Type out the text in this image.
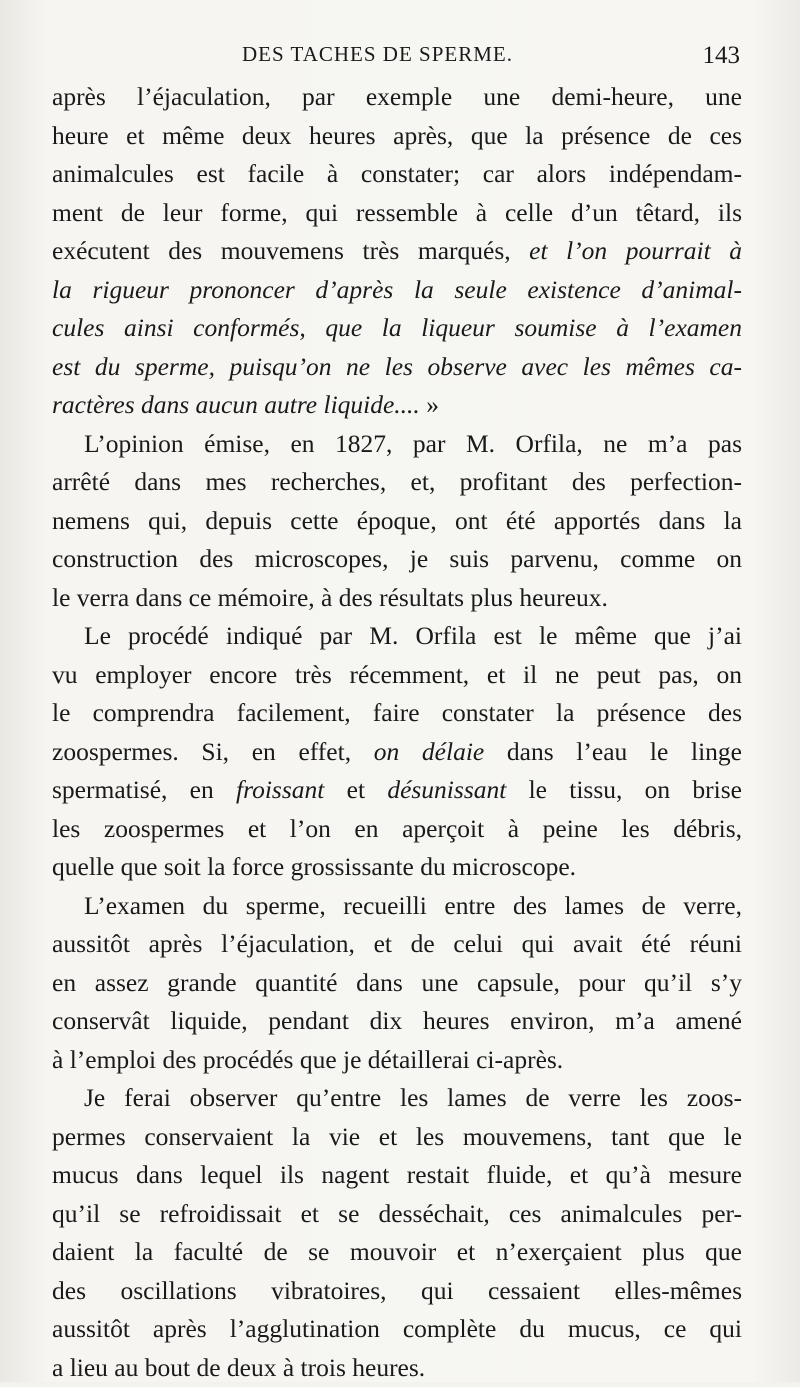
DES TACHES DE SPERME.	143
après l’éjaculation, par exemple une demi-heure, une
heure et même deux heures après, que la présence de ces
animalcules est facile à constater; car alors indépendam-
ment de leur forme, qui ressemble à celle d’un têtard, ils
exécutent des mouvemens très marqués, et l’on pourrait à
la rigueur prononcer d’après la seule existence d’animal-
cules ainsi conformés, que la liqueur soumise à l’examen
est du sperme, puisqu’on ne les observe avec les mêmes ca-
ractères dans aucun autre liquide.... »
L’opinion émise, en 1827, par M. Orfila, ne m’a pas
arrêté dans mes recherches, et, profitant des perfection-
nemens qui, depuis cette époque, ont été apportés dans la
construction des microscopes, je suis parvenu, comme on
le verra dans ce mémoire, à des résultats plus heureux.
Le procédé indiqué par M. Orfila est le même que j’ai
vu employer encore très récemment, et il ne peut pas, on
le comprendra facilement, faire constater la présence des
zoospermes. Si, en effet, on délaie dans l’eau le linge
spermatisé, en froissant et désunissant le tissu, on brise
les zoospermes et l’on en aperçoit à peine les débris,
quelle que soit la force grossissante du microscope.
L’examen du sperme, recueilli entre des lames de verre,
aussitôt après l’éjaculation, et de celui qui avait été réuni
en assez grande quantité dans une capsule, pour qu’il s’y
conservât liquide, pendant dix heures environ, m’a amené
à l’emploi des procédés que je détaillerai ci-après.
Je ferai observer qu’entre les lames de verre les zoos-
permes conservaient la vie et les mouvemens, tant que le
mucus dans lequel ils nagent restait fluide, et qu’à mesure
qu’il se refroidissait et se desséchait, ces animalcules per-
daient la faculté de se mouvoir et n’exerçaient plus que
des oscillations vibratoires, qui cessaient elles-mêmes
aussitôt après l’agglutination complète du mucus, ce qui
a lieu au bout de deux à trois heures.
